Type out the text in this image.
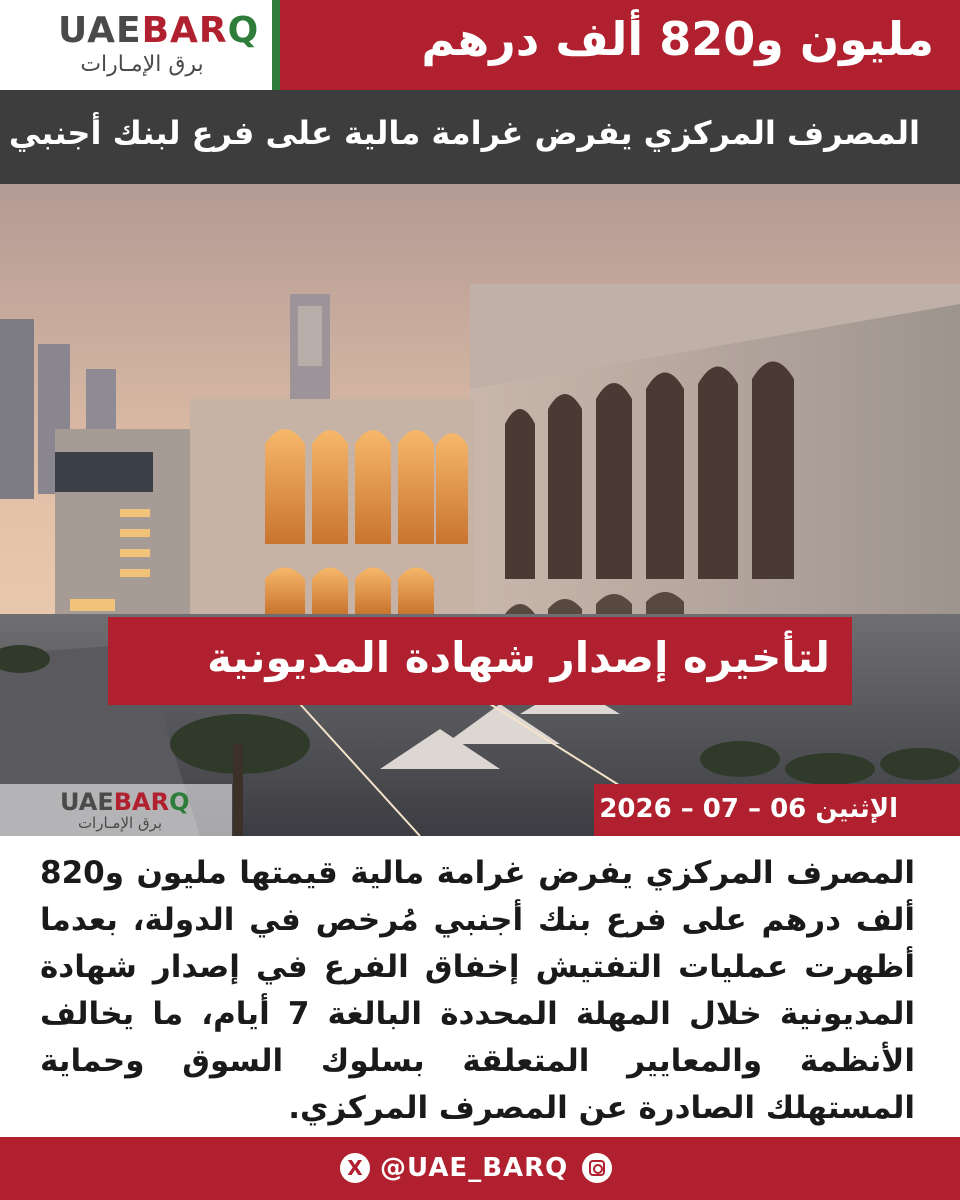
UAEBARQ
برق الإمـارات	مليون و820 ألف درهم
المصرف المركزي يفرض غرامة مالية على فرع لبنك أجنبي
لتأخيره إصدار شهادة المديونية
UAEBARQ
برق الإمـارات	الإثنين 06 – 07 – 2026
المصرف المركزي يفرض غرامة مالية قيمتها مليون و820 ألف درهم على فرع بنك أجنبي مُرخص في الدولة، بعدما أظهرت عمليات التفتيش إخفاق الفرع في إصدار شهادة المديونية خلال المهلة المحددة البالغة 7 أيام، ما يخالف الأنظمة والمعايير المتعلقة بسلوك السوق وحماية المستهلك الصادرة عن المصرف المركزي.
X @UAE_BARQ
